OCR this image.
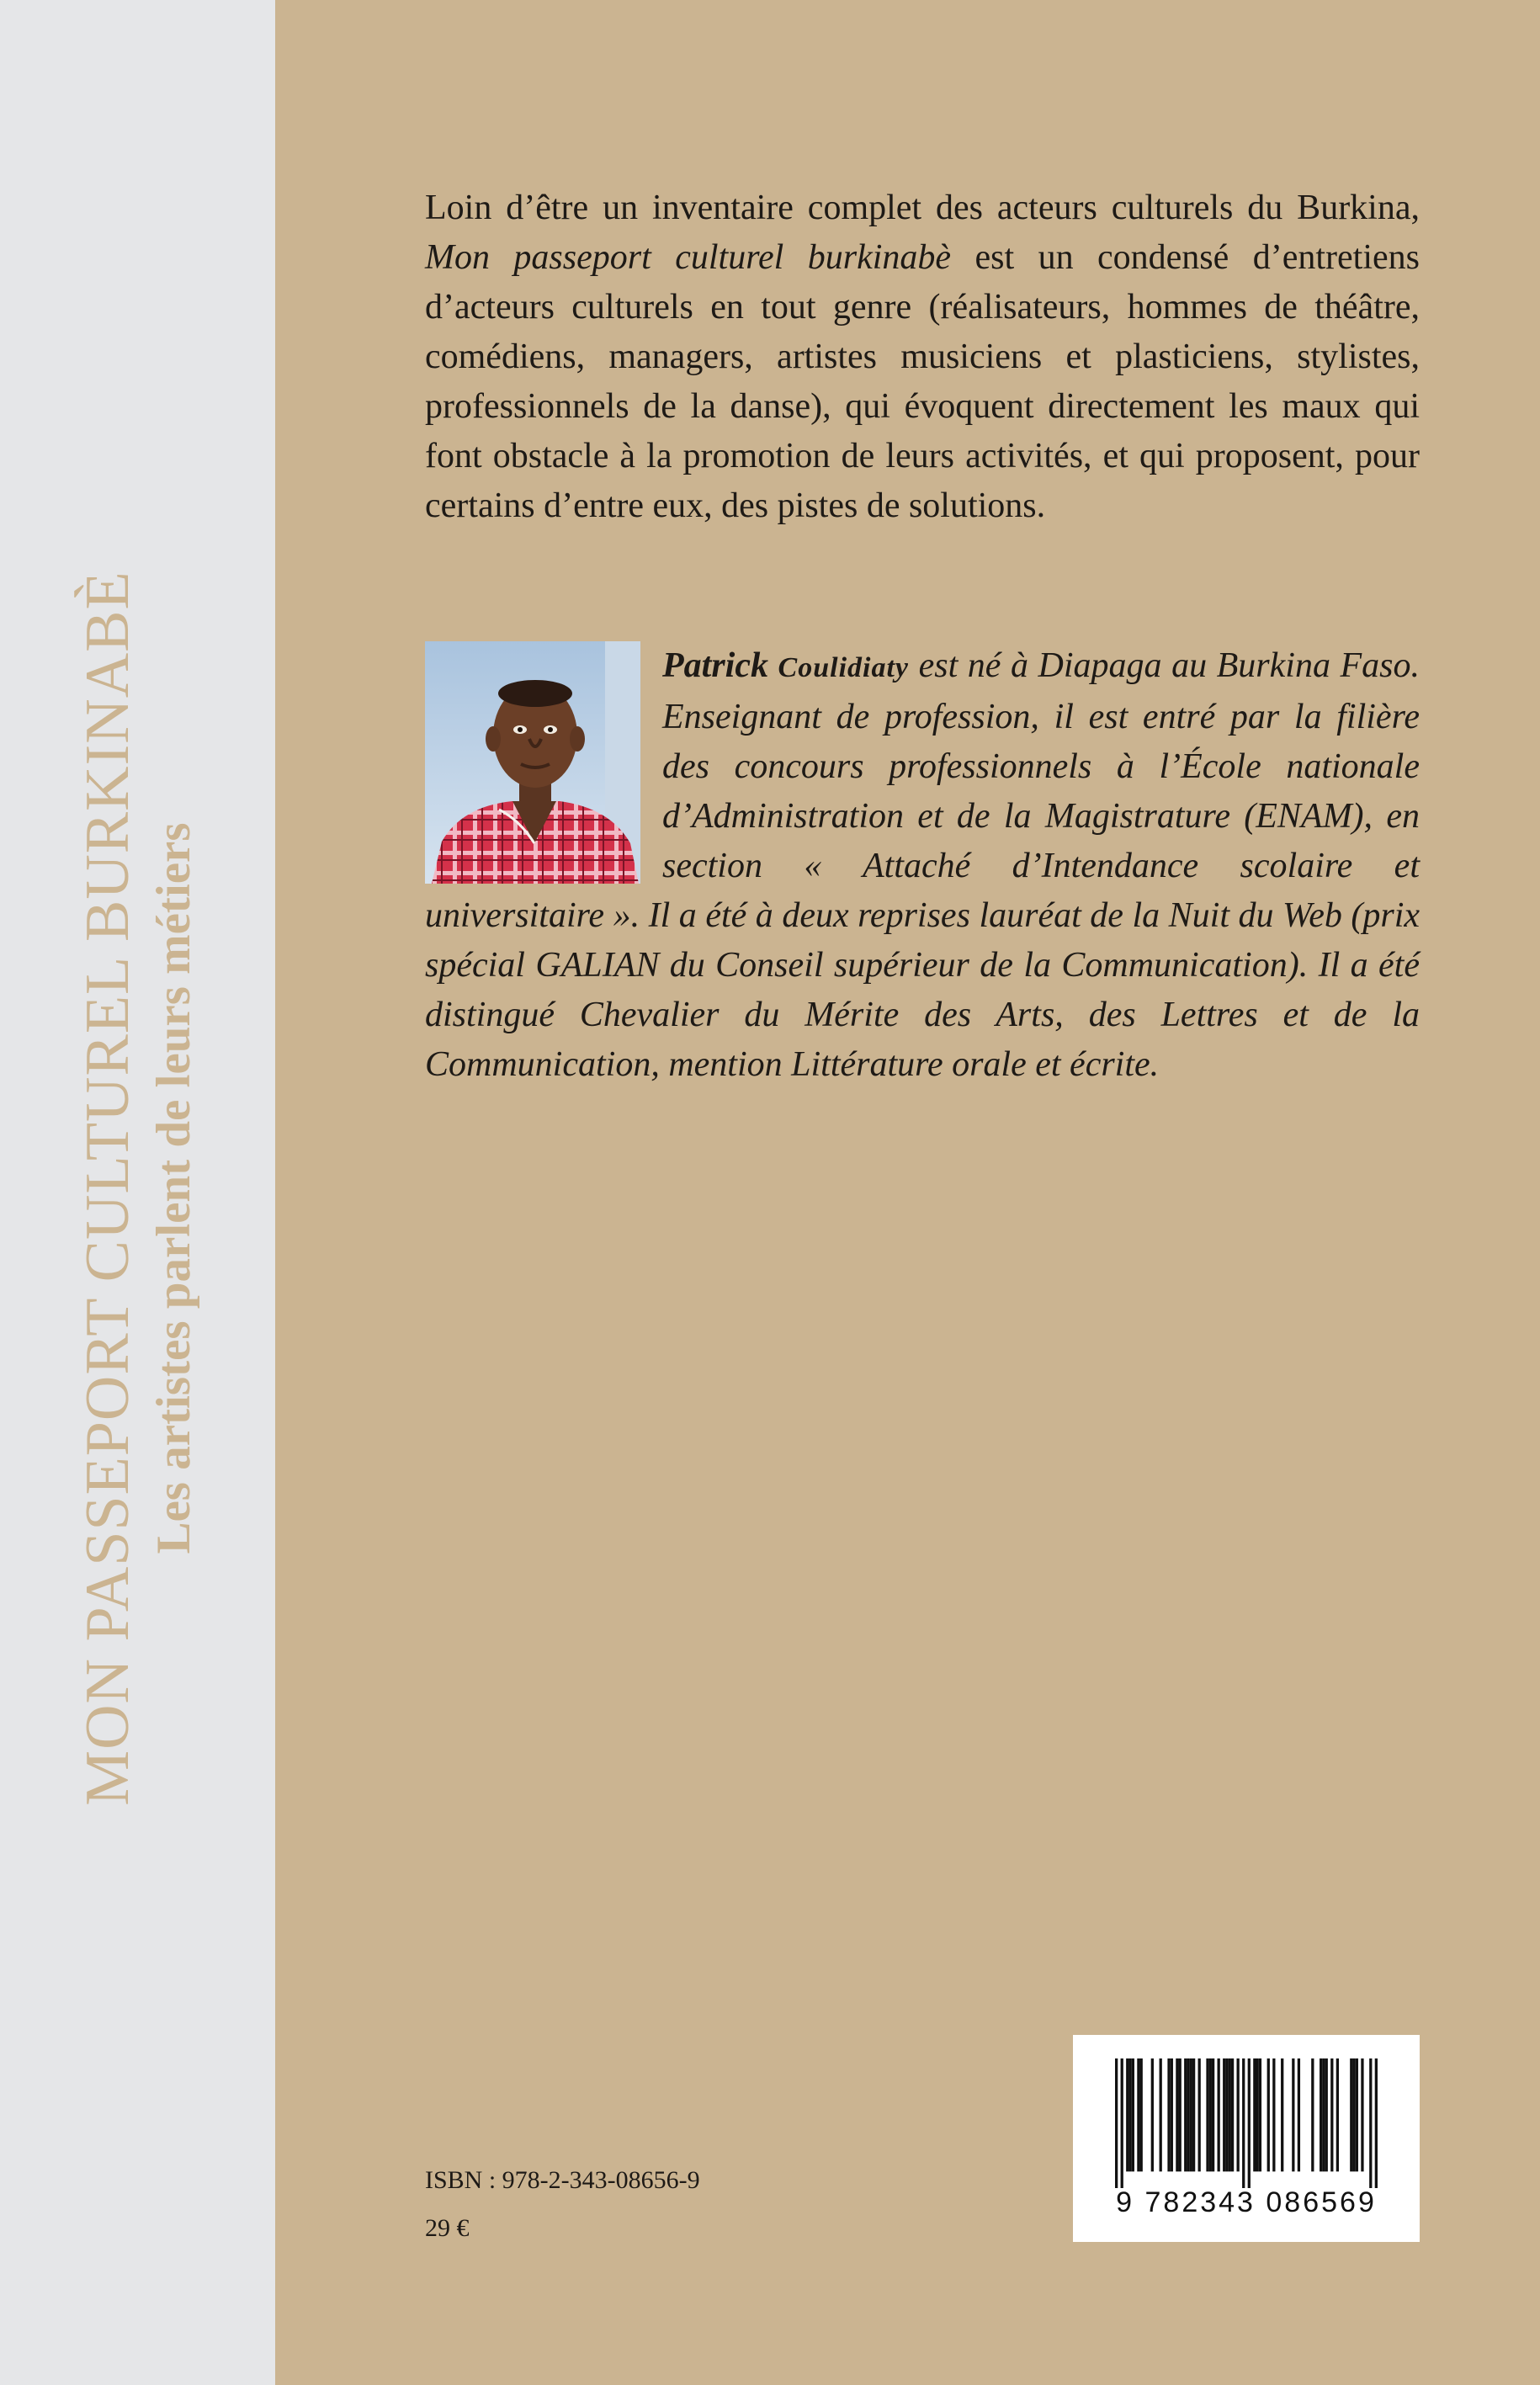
MON PASSEPORT CULTUREL BURKINABÈ Les artistes parlent de leurs métiers

Loin d’être un inventaire complet des acteurs culturels du Burkina, Mon passeport culturel burkinabè est un condensé d’entretiens d’acteurs culturels en tout genre (réalisateurs, hommes de théâtre, comédiens, managers, artistes musiciens et plasticiens, stylistes, professionnels de la danse), qui évoquent directement les maux qui font obstacle à la promotion de leurs activités, et qui proposent, pour certains d’entre eux, des pistes de solutions.

Patrick Coulidiaty est né à Diapaga au Burkina Faso. Enseignant de profession, il est entré par la filière des concours professionnels à l’École nationale d’Administration et de la Magistrature (ENAM), en section « Attaché d’Intendance scolaire et universitaire ». Il a été à deux reprises lauréat de la Nuit du Web (prix spécial GALIAN du Conseil supérieur de la Communication). Il a été distingué Chevalier du Mérite des Arts, des Lettres et de la Communication, mention Littérature orale et écrite.

ISBN : 978-2-343-08656-9
29 €
9 782343 086569
